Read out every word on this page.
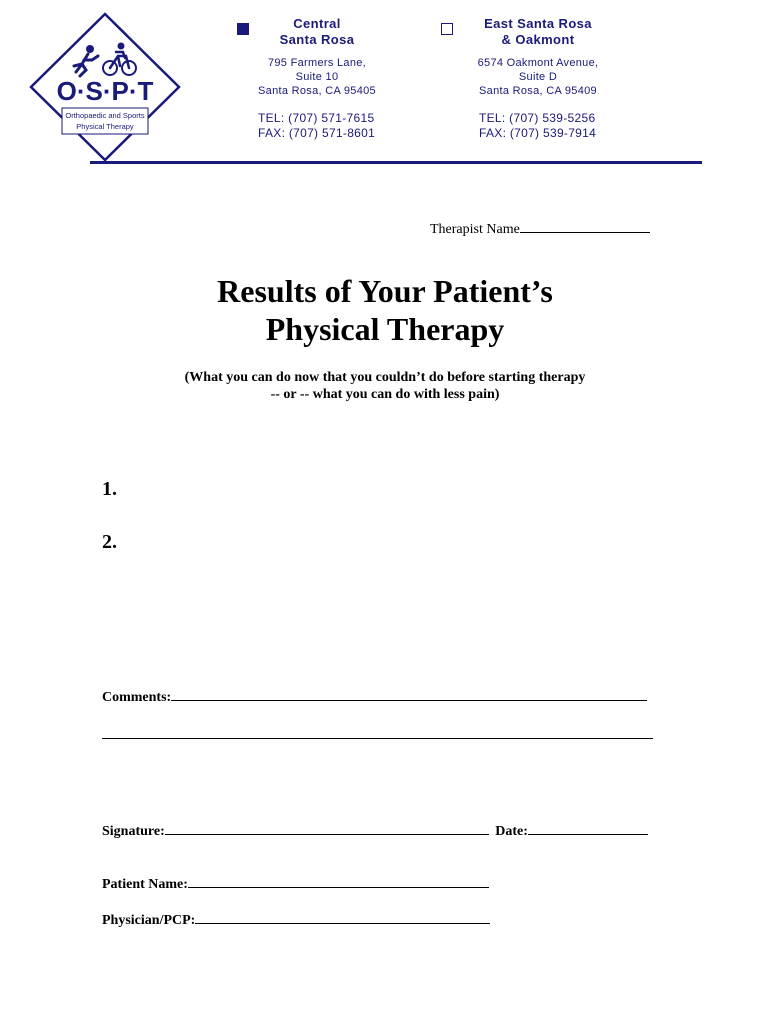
O·S·P·T
Orthopaedic and Sports
Physical Therapy
Central
Santa Rosa
795 Farmers Lane,
Suite 10
Santa Rosa, CA 95405
TEL: (707) 571-7615
FAX: (707) 571-8601
East Santa Rosa
& Oakmont
6574 Oakmont Avenue,
Suite D
Santa Rosa, CA 95409
TEL: (707) 539-5256
FAX: (707) 539-7914
Therapist Name
Results of Your Patient’s
Physical Therapy
(What you can do now that you couldn’t do before starting therapy
-- or -- what you can do with less pain)
1.
2.
Comments:
Signature:	Date:
Patient Name:
Physician/PCP:
